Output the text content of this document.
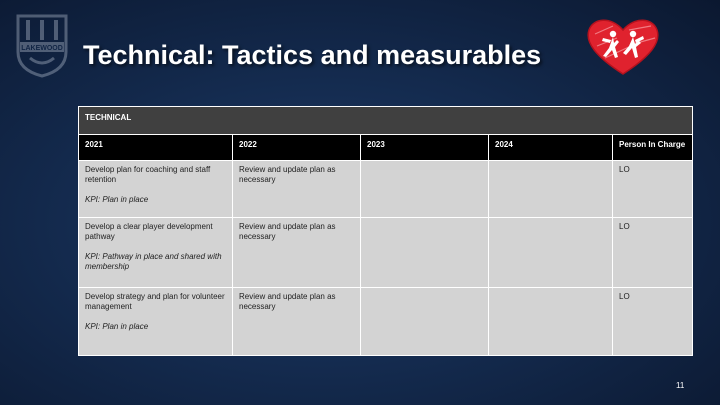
LAKEWOOD Technical: Tactics and measurables
TECHNICAL				
2021	2022	2023	2024	Person In Charge
Develop plan for coaching and staff retention
KPI: Plan in place	Review and update plan as necessary			LO
Develop a clear player development pathway
KPI: Pathway in place and shared with membership	Review and update plan as necessary			LO
Develop strategy and plan for volunteer management
KPI: Plan in place	Review and update plan as necessary			LO
11
